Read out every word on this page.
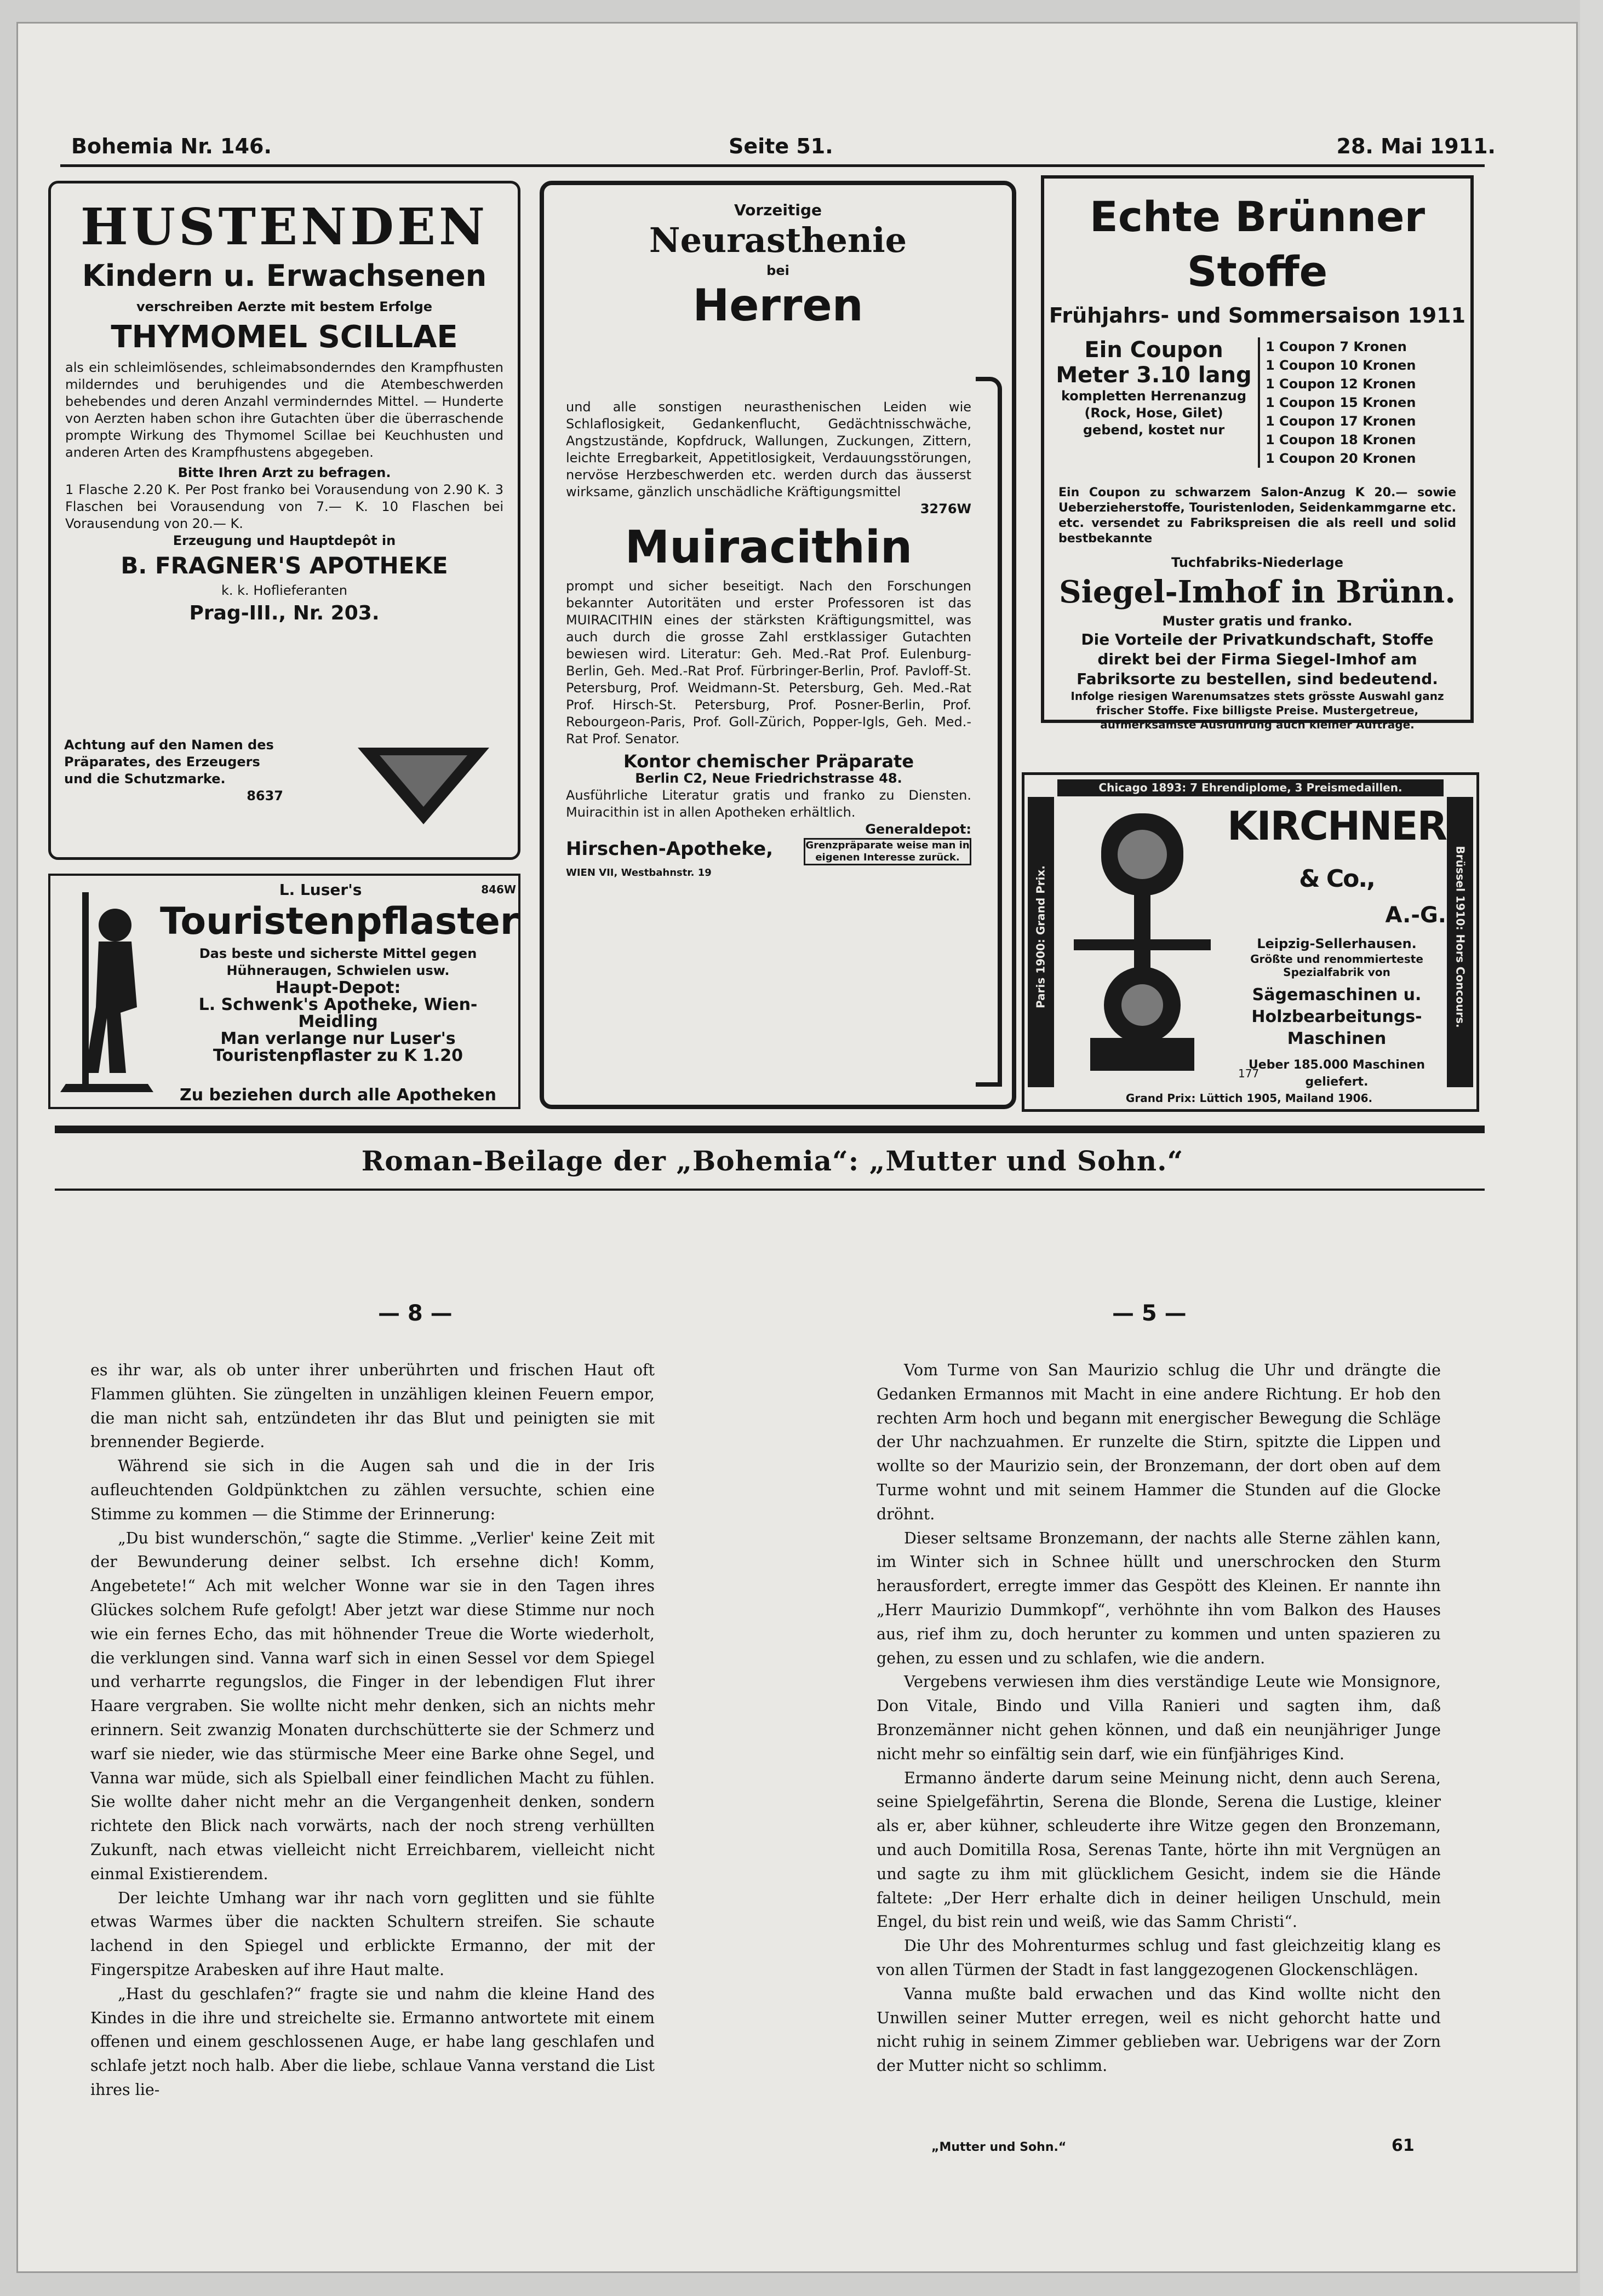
Bohemia Nr. 146.	Seite 51.	28. Mai 1911.

HUSTENDEN

Kindern u. Erwachsenen

verschreiben Aerzte mit bestem Erfolge

THYMOMEL SCILLAE

als ein schleimlösendes, schleimabsonderndes den Krampfhusten milderndes und beruhigendes und die Atembeschwerden behebendes und deren Anzahl verminderndes Mittel. — Hunderte von Aerzten haben schon ihre Gutachten über die überraschende prompte Wirkung des Thymomel Scillae bei Keuchhusten und anderen Arten des Krampfhustens abgegeben.

Bitte Ihren Arzt zu befragen.

1 Flasche 2.20 K. Per Post franko bei Vorausendung von 2.90 K. 3 Flaschen bei Vorausendung von 7.— K. 10 Flaschen bei Vorausendung von 20.— K.

Erzeugung und Hauptdepôt in

B. FRAGNER'S APOTHEKE

k. k. Hoflieferanten

Prag-III., Nr. 203.

Achtung auf den Namen des Präparates, des Erzeugers und die Schutzmarke.

8637

L. Luser's	846W

Touristenpflaster

Das beste und sicherste Mittel gegen Hühneraugen, Schwielen usw.

Haupt-Depot:

L. Schwenk's Apotheke, Wien-Meidling

Man verlange nur Luser's Touristenpflaster zu K 1.20

Zu beziehen durch alle Apotheken

Vorzeitige

Neurasthenie

bei

Herren

und alle sonstigen neurasthenischen Leiden wie Schlaflosigkeit, Gedankenflucht, Gedächtnisschwäche, Angstzustände, Kopfdruck, Wallungen, Zuckungen, Zittern, leichte Erregbarkeit, Appetitlosigkeit, Verdauungsstörungen, nervöse Herzbeschwerden etc. werden durch das äusserst wirksame, gänzlich unschädliche Kräftigungsmittel

3276W

Muiracithin

prompt und sicher beseitigt. Nach den Forschungen bekannter Autoritäten und erster Professoren ist das MUIRACITHIN eines der stärksten Kräftigungsmittel, was auch durch die grosse Zahl erstklassiger Gutachten bewiesen wird. Literatur: Geh. Med.-Rat Prof. Eulenburg-Berlin, Geh. Med.-Rat Prof. Fürbringer-Berlin, Prof. Pavloff-St. Petersburg, Prof. Weidmann-St. Petersburg, Geh. Med.-Rat Prof. Hirsch-St. Petersburg, Prof. Posner-Berlin, Prof. Rebourgeon-Paris, Prof. Goll-Zürich, Popper-Igls, Geh. Med.-Rat Prof. Senator.

Kontor chemischer Präparate

Berlin C2, Neue Friedrichstrasse 48.

Ausführliche Literatur gratis und franko zu Diensten. Muiracithin ist in allen Apotheken erhältlich.

Generaldepot:

Hirschen-Apotheke,

WIEN VII, Westbahnstr. 19

Grenzpräparate weise man in eigenen Interesse zurück.

Echte Brünner Stoffe

Frühjahrs- und Sommersaison 1911

Ein Coupon Meter 3.10 lang

kompletten Herrenanzug (Rock, Hose, Gilet) gebend, kostet nur

1 Coupon 7 Kronen

1 Coupon 10 Kronen

1 Coupon 12 Kronen

1 Coupon 15 Kronen

1 Coupon 17 Kronen

1 Coupon 18 Kronen

1 Coupon 20 Kronen

Ein Coupon zu schwarzem Salon-Anzug K 20.— sowie Ueberzieherstoffe, Touristenloden, Seidenkammgarne etc. etc. versendet zu Fabrikspreisen die als reell und solid bestbekannte

Tuchfabriks-Niederlage

Siegel-Imhof in Brünn.

Muster gratis und franko.

Die Vorteile der Privatkundschaft, Stoffe direkt bei der Firma Siegel-Imhof am Fabriksorte zu bestellen, sind bedeutend.

Infolge riesigen Warenumsatzes stets grösste Auswahl ganz frischer Stoffe. Fixe billigste Preise. Mustergetreue, aufmerksamste Ausführung auch kleiner Aufträge.

Chicago 1893: 7 Ehrendiplome, 3 Preismedaillen.

Paris 1900: Grand Prix.	Brüssel 1910: Hors Concours.

KIRCHNER & Co.,

A.-G.

Leipzig-Sellerhausen.

Größte und renommierteste Spezialfabrik von

Sägemaschinen u. Holzbearbeitungs-Maschinen

Ueber 185.000 Maschinen geliefert.

177

Grand Prix: Lüttich 1905, Mailand 1906.

Roman-Beilage der „Bohemia“: „Mutter und Sohn.“

— 8 —	— 5 —

es ihr war, als ob unter ihrer unberührten und frischen Haut oft Flammen glühten. Sie züngelten in unzähligen kleinen Feuern empor, die man nicht sah, entzündeten ihr das Blut und peinigten sie mit brennender Begierde.

Während sie sich in die Augen sah und die in der Iris aufleuchtenden Goldpünktchen zu zählen versuchte, schien eine Stimme zu kommen — die Stimme der Erinnerung:

„Du bist wunderschön,“ sagte die Stimme. „Verlier' keine Zeit mit der Bewunderung deiner selbst. Ich ersehne dich! Komm, Angebetete!“ Ach mit welcher Wonne war sie in den Tagen ihres Glückes solchem Rufe gefolgt! Aber jetzt war diese Stimme nur noch wie ein fernes Echo, das mit höhnender Treue die Worte wiederholt, die verklungen sind. Vanna warf sich in einen Sessel vor dem Spiegel und verharrte regungslos, die Finger in der lebendigen Flut ihrer Haare vergraben. Sie wollte nicht mehr denken, sich an nichts mehr erinnern. Seit zwanzig Monaten durchschütterte sie der Schmerz und warf sie nieder, wie das stürmische Meer eine Barke ohne Segel, und Vanna war müde, sich als Spielball einer feindlichen Macht zu fühlen. Sie wollte daher nicht mehr an die Vergangenheit denken, sondern richtete den Blick nach vorwärts, nach der noch streng verhüllten Zukunft, nach etwas vielleicht nicht Erreichbarem, vielleicht nicht einmal Existierendem.

Der leichte Umhang war ihr nach vorn geglitten und sie fühlte etwas Warmes über die nackten Schultern streifen. Sie schaute lachend in den Spiegel und erblickte Ermanno, der mit der Fingerspitze Arabesken auf ihre Haut malte.

„Hast du geschlafen?“ fragte sie und nahm die kleine Hand des Kindes in die ihre und streichelte sie. Ermanno antwortete mit einem offenen und einem geschlossenen Auge, er habe lang geschlafen und schlafe jetzt noch halb. Aber die liebe, schlaue Vanna verstand die List ihres lie-

Vom Turme von San Maurizio schlug die Uhr und drängte die Gedanken Ermannos mit Macht in eine andere Richtung. Er hob den rechten Arm hoch und begann mit energischer Bewegung die Schläge der Uhr nachzuahmen. Er runzelte die Stirn, spitzte die Lippen und wollte so der Maurizio sein, der Bronzemann, der dort oben auf dem Turme wohnt und mit seinem Hammer die Stunden auf die Glocke dröhnt.

Dieser seltsame Bronzemann, der nachts alle Sterne zählen kann, im Winter sich in Schnee hüllt und unerschrocken den Sturm herausfordert, erregte immer das Gespött des Kleinen. Er nannte ihn „Herr Maurizio Dummkopf“, verhöhnte ihn vom Balkon des Hauses aus, rief ihm zu, doch herunter zu kommen und unten spazieren zu gehen, zu essen und zu schlafen, wie die andern.

Vergebens verwiesen ihm dies verständige Leute wie Monsignore, Don Vitale, Bindo und Villa Ranieri und sagten ihm, daß Bronzemänner nicht gehen können, und daß ein neunjähriger Junge nicht mehr so einfältig sein darf, wie ein fünfjähriges Kind.

Ermanno änderte darum seine Meinung nicht, denn auch Serena, seine Spielgefährtin, Serena die Blonde, Serena die Lustige, kleiner als er, aber kühner, schleuderte ihre Witze gegen den Bronzemann, und auch Domitilla Rosa, Serenas Tante, hörte ihn mit Vergnügen an und sagte zu ihm mit glücklichem Gesicht, indem sie die Hände faltete: „Der Herr erhalte dich in deiner heiligen Unschuld, mein Engel, du bist rein und weiß, wie das Samm Christi“.

Die Uhr des Mohrenturmes schlug und fast gleichzeitig klang es von allen Türmen der Stadt in fast langgezogenen Glockenschlägen.

Vanna mußte bald erwachen und das Kind wollte nicht den Unwillen seiner Mutter erregen, weil es nicht gehorcht hatte und nicht ruhig in seinem Zimmer geblieben war. Uebrigens war der Zorn der Mutter nicht so schlimm.

„Mutter und Sohn.“	61
